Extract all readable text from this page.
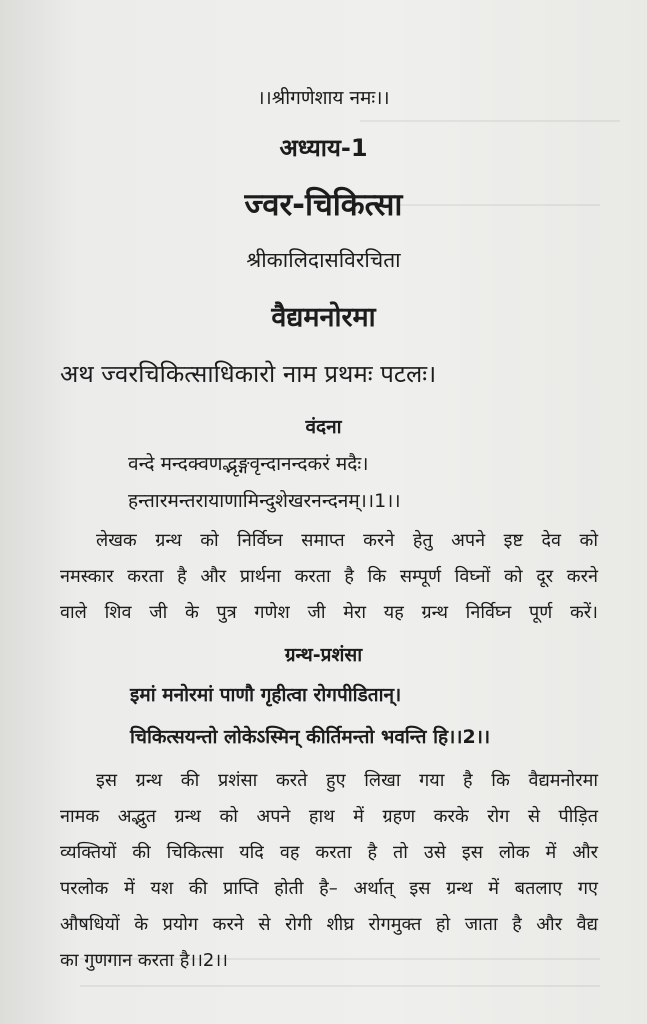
।।श्रीगणेशाय नमः।।
अध्याय-1
ज्वर-चिकित्सा
श्रीकालिदासविरचिता
वैद्यमनोरमा
अथ ज्वरचिकित्साधिकारो नाम प्रथमः पटलः।
वंदना
वन्दे मन्दक्वणद्भृङ्गवृन्दानन्दकरं मदैः।
हन्तारमन्तरायाणामिन्दुशेखरनन्दनम्।।1।।
लेखक ग्रन्थ को निर्विघ्न समाप्त करने हेतु अपने इष्ट देव को
नमस्कार करता है और प्रार्थना करता है कि सम्पूर्ण विघ्नों को दूर करने
वाले शिव जी के पुत्र गणेश जी मेरा यह ग्रन्थ निर्विघ्न पूर्ण करें।
ग्रन्थ-प्रशंसा
इमां मनोरमां पाणौ गृहीत्वा रोगपीडितान्।
चिकित्सयन्तो लोकेऽस्मिन् कीर्तिमन्तो भवन्ति हि।।2।।
इस ग्रन्थ की प्रशंसा करते हुए लिखा गया है कि वैद्यमनोरमा
नामक अद्भुत ग्रन्थ को अपने हाथ में ग्रहण करके रोग से पीड़ित
व्यक्तियों की चिकित्सा यदि वह करता है तो उसे इस लोक में और
परलोक में यश की प्राप्ति होती है– अर्थात् इस ग्रन्थ में बतलाए गए
औषधियों के प्रयोग करने से रोगी शीघ्र रोगमुक्त हो जाता है और वैद्य
का गुणगान करता है।।2।।
